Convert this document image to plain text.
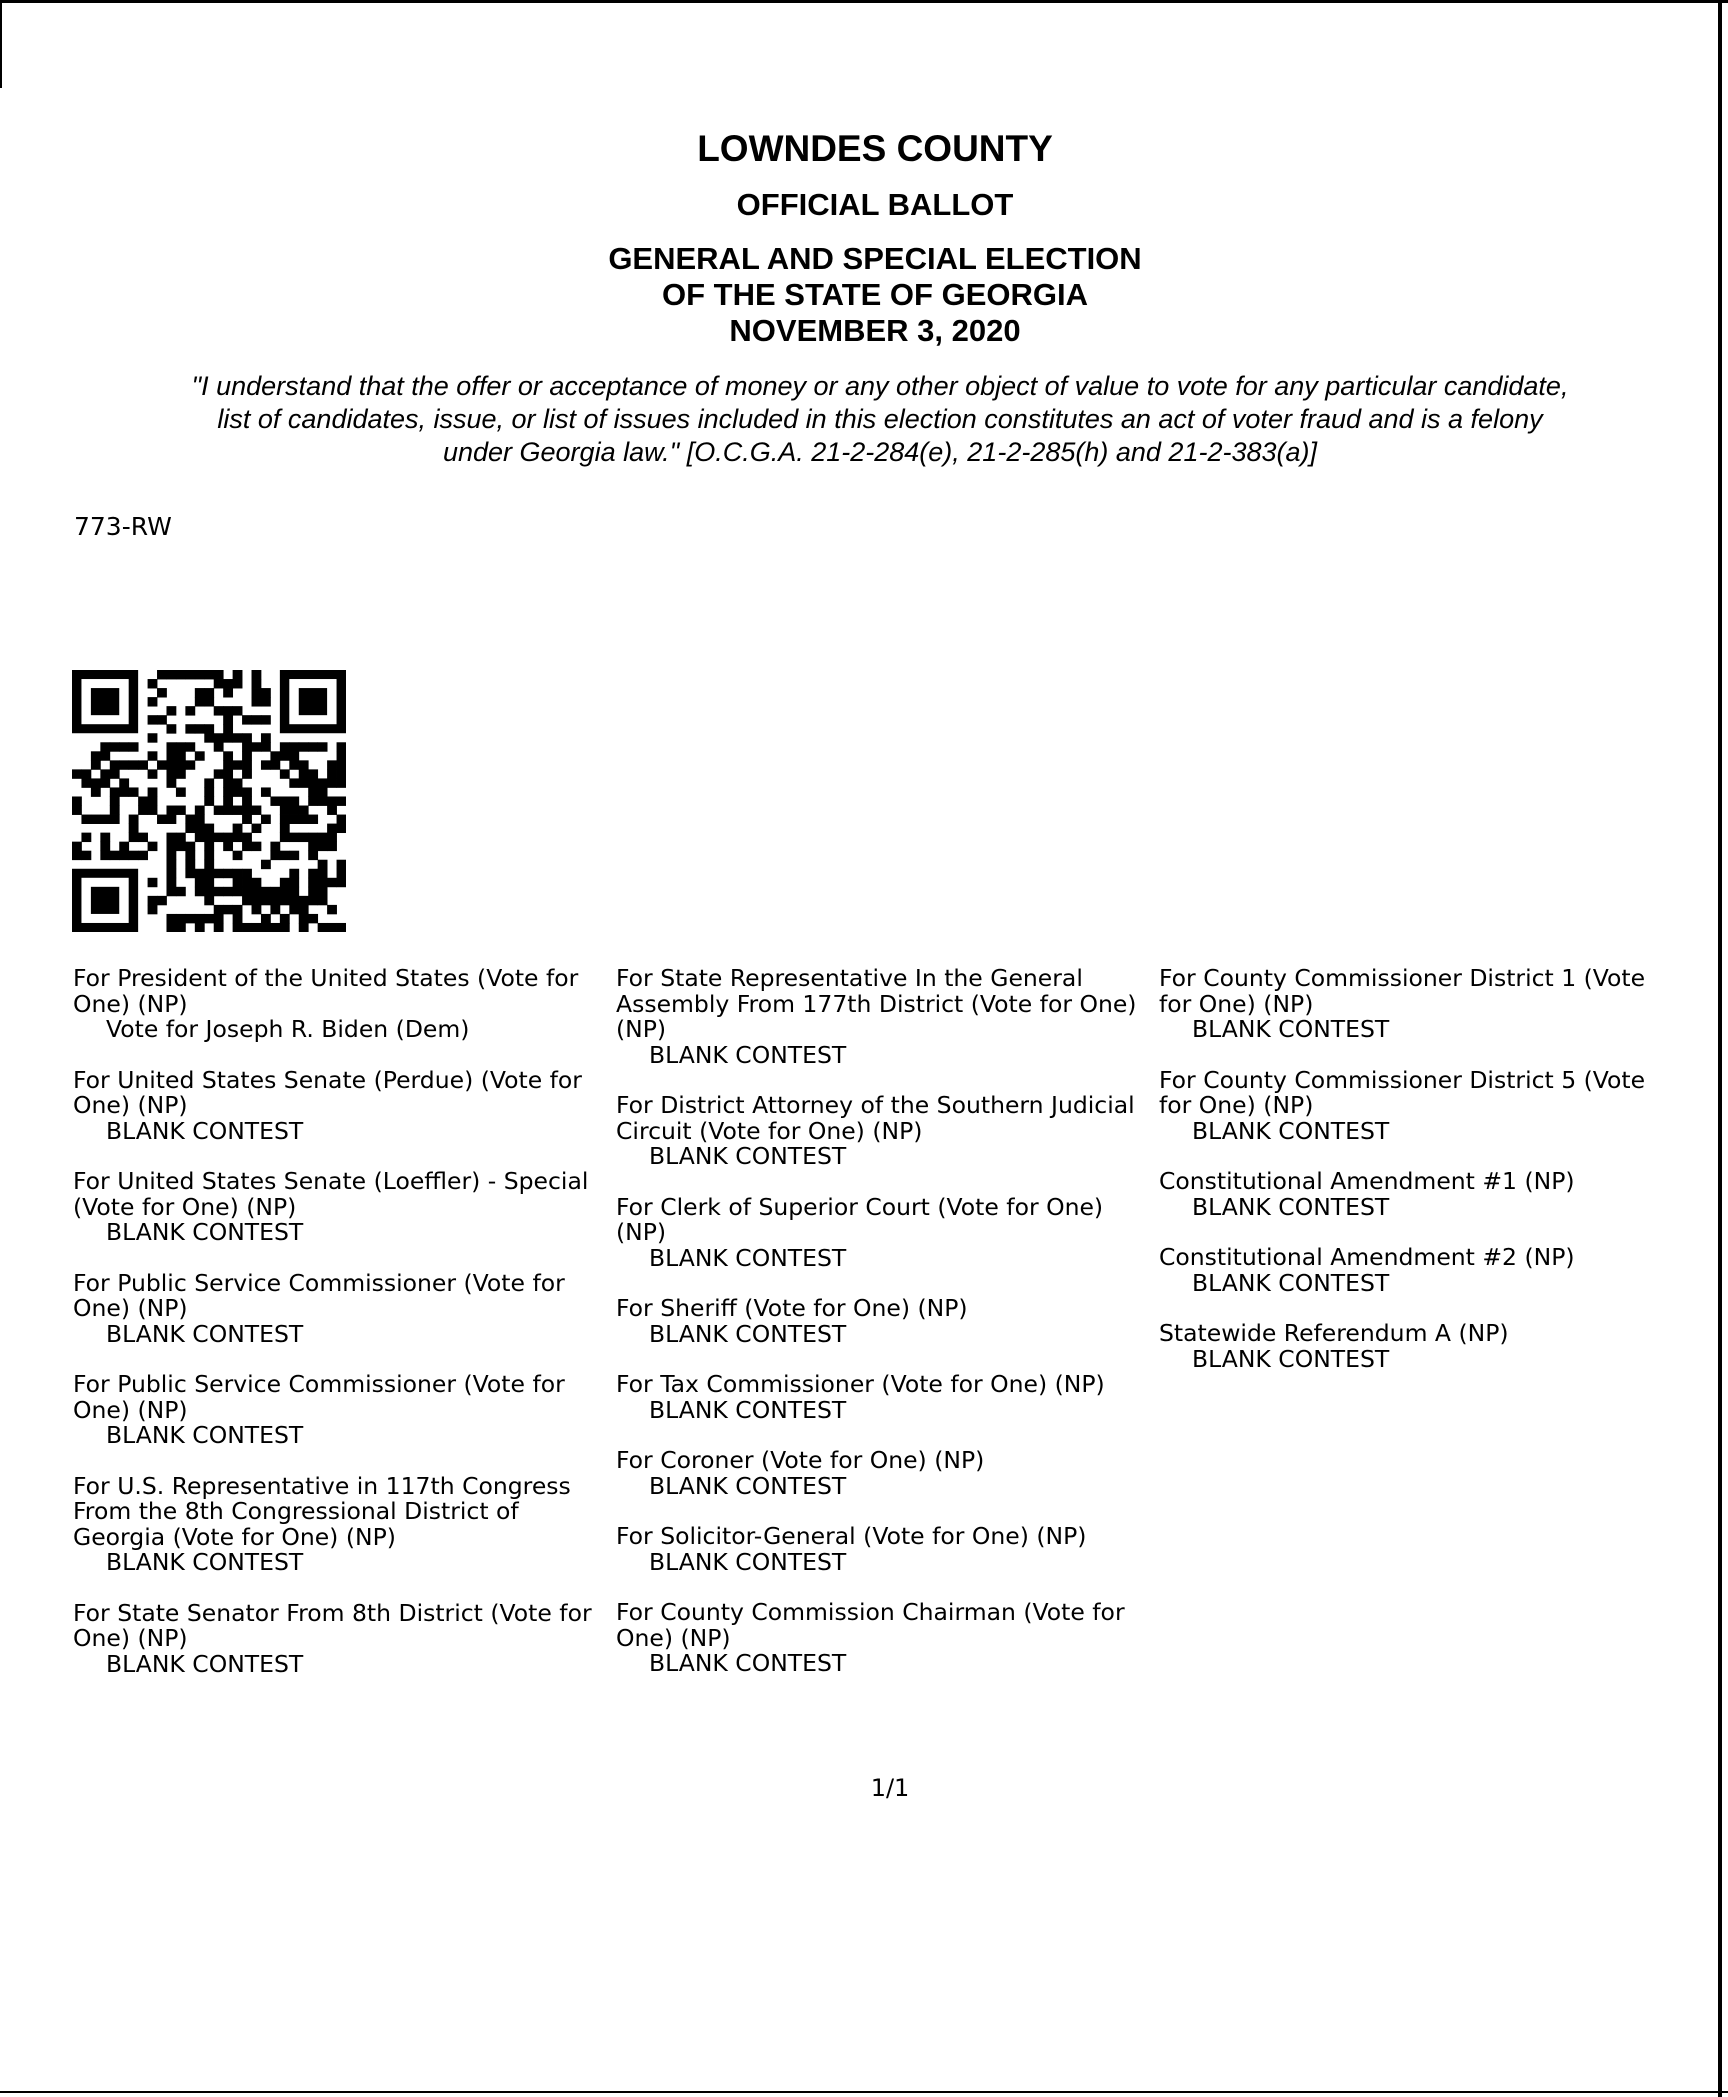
LOWNDES COUNTY
OFFICIAL BALLOT
GENERAL AND SPECIAL ELECTION
OF THE STATE OF GEORGIA
NOVEMBER 3, 2020
"I understand that the offer or acceptance of money or any other object of value to vote for any particular candidate,
list of candidates, issue, or list of issues included in this election constitutes an act of voter fraud and is a felony
under Georgia law." [O.C.G.A. 21-2-284(e), 21-2-285(h) and 21-2-383(a)]
773-RW
For President of the United States (Vote for One) (NP)
Vote for Joseph R. Biden (Dem)
For United States Senate (Perdue) (Vote for One) (NP)
BLANK CONTEST
For United States Senate (Loeffler) - Special (Vote for One) (NP)
BLANK CONTEST
For Public Service Commissioner (Vote for One) (NP)
BLANK CONTEST
For Public Service Commissioner (Vote for One) (NP)
BLANK CONTEST
For U.S. Representative in 117th Congress From the 8th Congressional District of Georgia (Vote for One) (NP)
BLANK CONTEST
For State Senator From 8th District (Vote for One) (NP)
BLANK CONTEST
For State Representative In the General Assembly From 177th District (Vote for One) (NP)
BLANK CONTEST
For District Attorney of the Southern Judicial Circuit (Vote for One) (NP)
BLANK CONTEST
For Clerk of Superior Court (Vote for One) (NP)
BLANK CONTEST
For Sheriff (Vote for One) (NP)
BLANK CONTEST
For Tax Commissioner (Vote for One) (NP)
BLANK CONTEST
For Coroner (Vote for One) (NP)
BLANK CONTEST
For Solicitor-General (Vote for One) (NP)
BLANK CONTEST
For County Commission Chairman (Vote for One) (NP)
BLANK CONTEST
For County Commissioner District 1 (Vote for One) (NP)
BLANK CONTEST
For County Commissioner District 5 (Vote for One) (NP)
BLANK CONTEST
Constitutional Amendment #1 (NP)
BLANK CONTEST
Constitutional Amendment #2 (NP)
BLANK CONTEST
Statewide Referendum A (NP)
BLANK CONTEST
1/1
